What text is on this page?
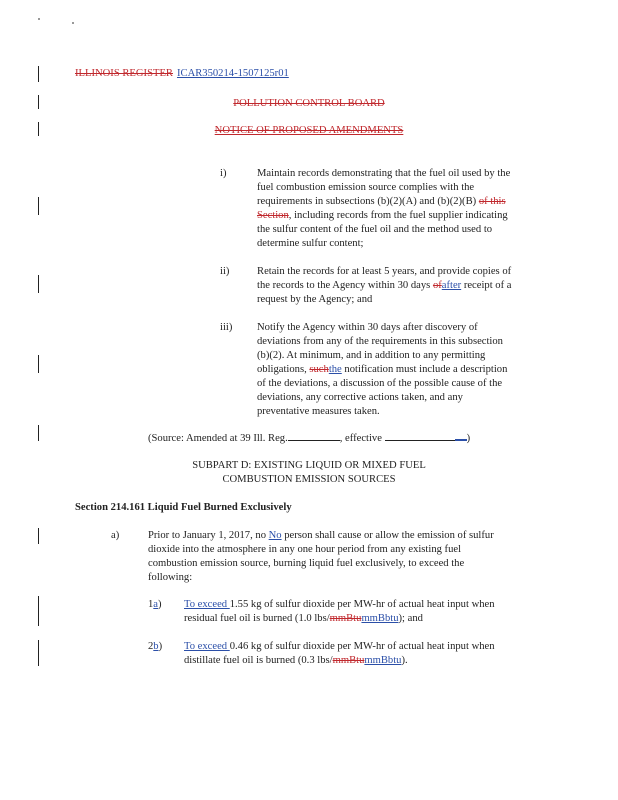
ILLINOIS REGISTER ICAR350214-1507125r01
POLLUTION CONTROL BOARD
NOTICE OF PROPOSED AMENDMENTS
i)	Maintain records demonstrating that the fuel oil used by the
fuel combustion emission source complies with the
requirements in subsections (b)(2)(A) and (b)(2)(B) of this
Section, including records from the fuel supplier indicating
the sulfur content of the fuel oil and the method used to
determine sulfur content;
ii)	Retain the records for at least 5 years, and provide copies of
the records to the Agency within 30 days ofafter receipt of a
request by the Agency; and
iii) Notify the Agency within 30 days after discovery of
deviations from any of the requirements in this subsection
(b)(2). At minimum, and in addition to any permitting
obligations, suchthe notification must include a description
of the deviations, a discussion of the possible cause of the
deviations, any corrective actions taken, and any
preventative measures taken.
(Source: Amended at 39 Ill. Reg.	, effective	)
SUBPART D: EXISTING LIQUID OR MIXED FUEL
COMBUSTION EMISSION SOURCES
Section 214.161 Liquid Fuel Burned Exclusively
a)	Prior to January 1, 2017, no No person shall cause or allow the emission of sulfur
dioxide into the atmosphere in any one hour period from any existing fuel
combustion emission source, burning liquid fuel exclusively, to exceed the
following:
1a) To exceed 1.55 kg of sulfur dioxide per MW-hr of actual heat input when
residual fuel oil is burned (1.0 lbs/mmBtummBbtu); and
2b) To exceed 0.46 kg of sulfur dioxide per MW-hr of actual heat input when
distillate fuel oil is burned (0.3 lbs/mmBtummBbtu).
